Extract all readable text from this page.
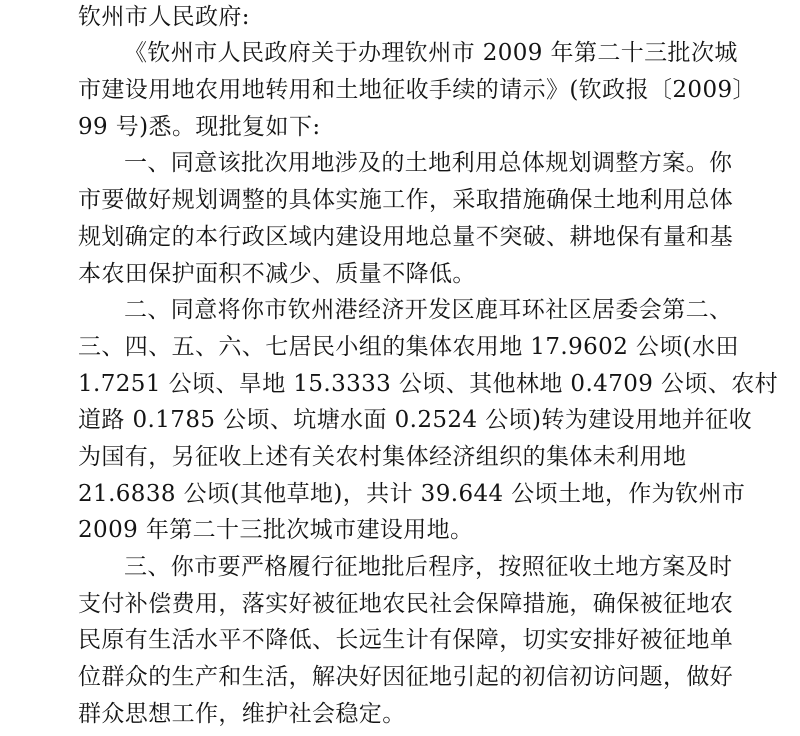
钦州市人民政府:
《钦州市人民政府关于办理钦州市 2009 年第二十三批次城
市建设用地农用地转用和土地征收手续的请示》(钦政报〔2009〕
99 号)悉。现批复如下:
一、同意该批次用地涉及的土地利用总体规划调整方案。你
市要做好规划调整的具体实施工作，采取措施确保土地利用总体
规划确定的本行政区域内建设用地总量不突破、耕地保有量和基
本农田保护面积不减少、质量不降低。
二、同意将你市钦州港经济开发区鹿耳环社区居委会第二、
三、四、五、六、七居民小组的集体农用地 17.9602 公顷(水田
1.7251 公顷、旱地 15.3333 公顷、其他林地 0.4709 公顷、农村
道路 0.1785 公顷、坑塘水面 0.2524 公顷)转为建设用地并征收
为国有，另征收上述有关农村集体经济组织的集体未利用地
21.6838 公顷(其他草地)，共计 39.644 公顷土地，作为钦州市
2009 年第二十三批次城市建设用地。
三、你市要严格履行征地批后程序，按照征收土地方案及时
支付补偿费用，落实好被征地农民社会保障措施，确保被征地农
民原有生活水平不降低、长远生计有保障，切实安排好被征地单
位群众的生产和生活，解决好因征地引起的初信初访问题，做好
群众思想工作，维护社会稳定。
